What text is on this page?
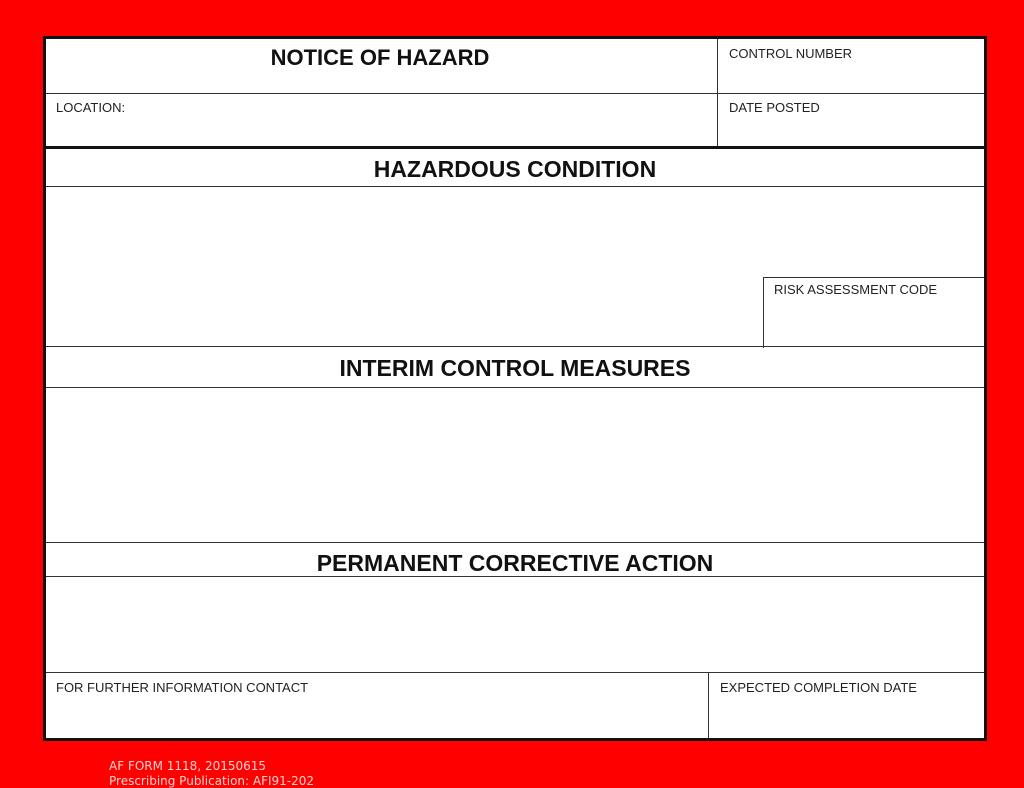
NOTICE OF HAZARD	CONTROL NUMBER
LOCATION:	DATE POSTED
HAZARDOUS CONDITION
RISK ASSESSMENT CODE
INTERIM CONTROL MEASURES
PERMANENT CORRECTIVE ACTION
FOR FURTHER INFORMATION CONTACT	EXPECTED COMPLETION DATE
AF FORM 1118, 20150615
Prescribing Publication: AFI91-202
